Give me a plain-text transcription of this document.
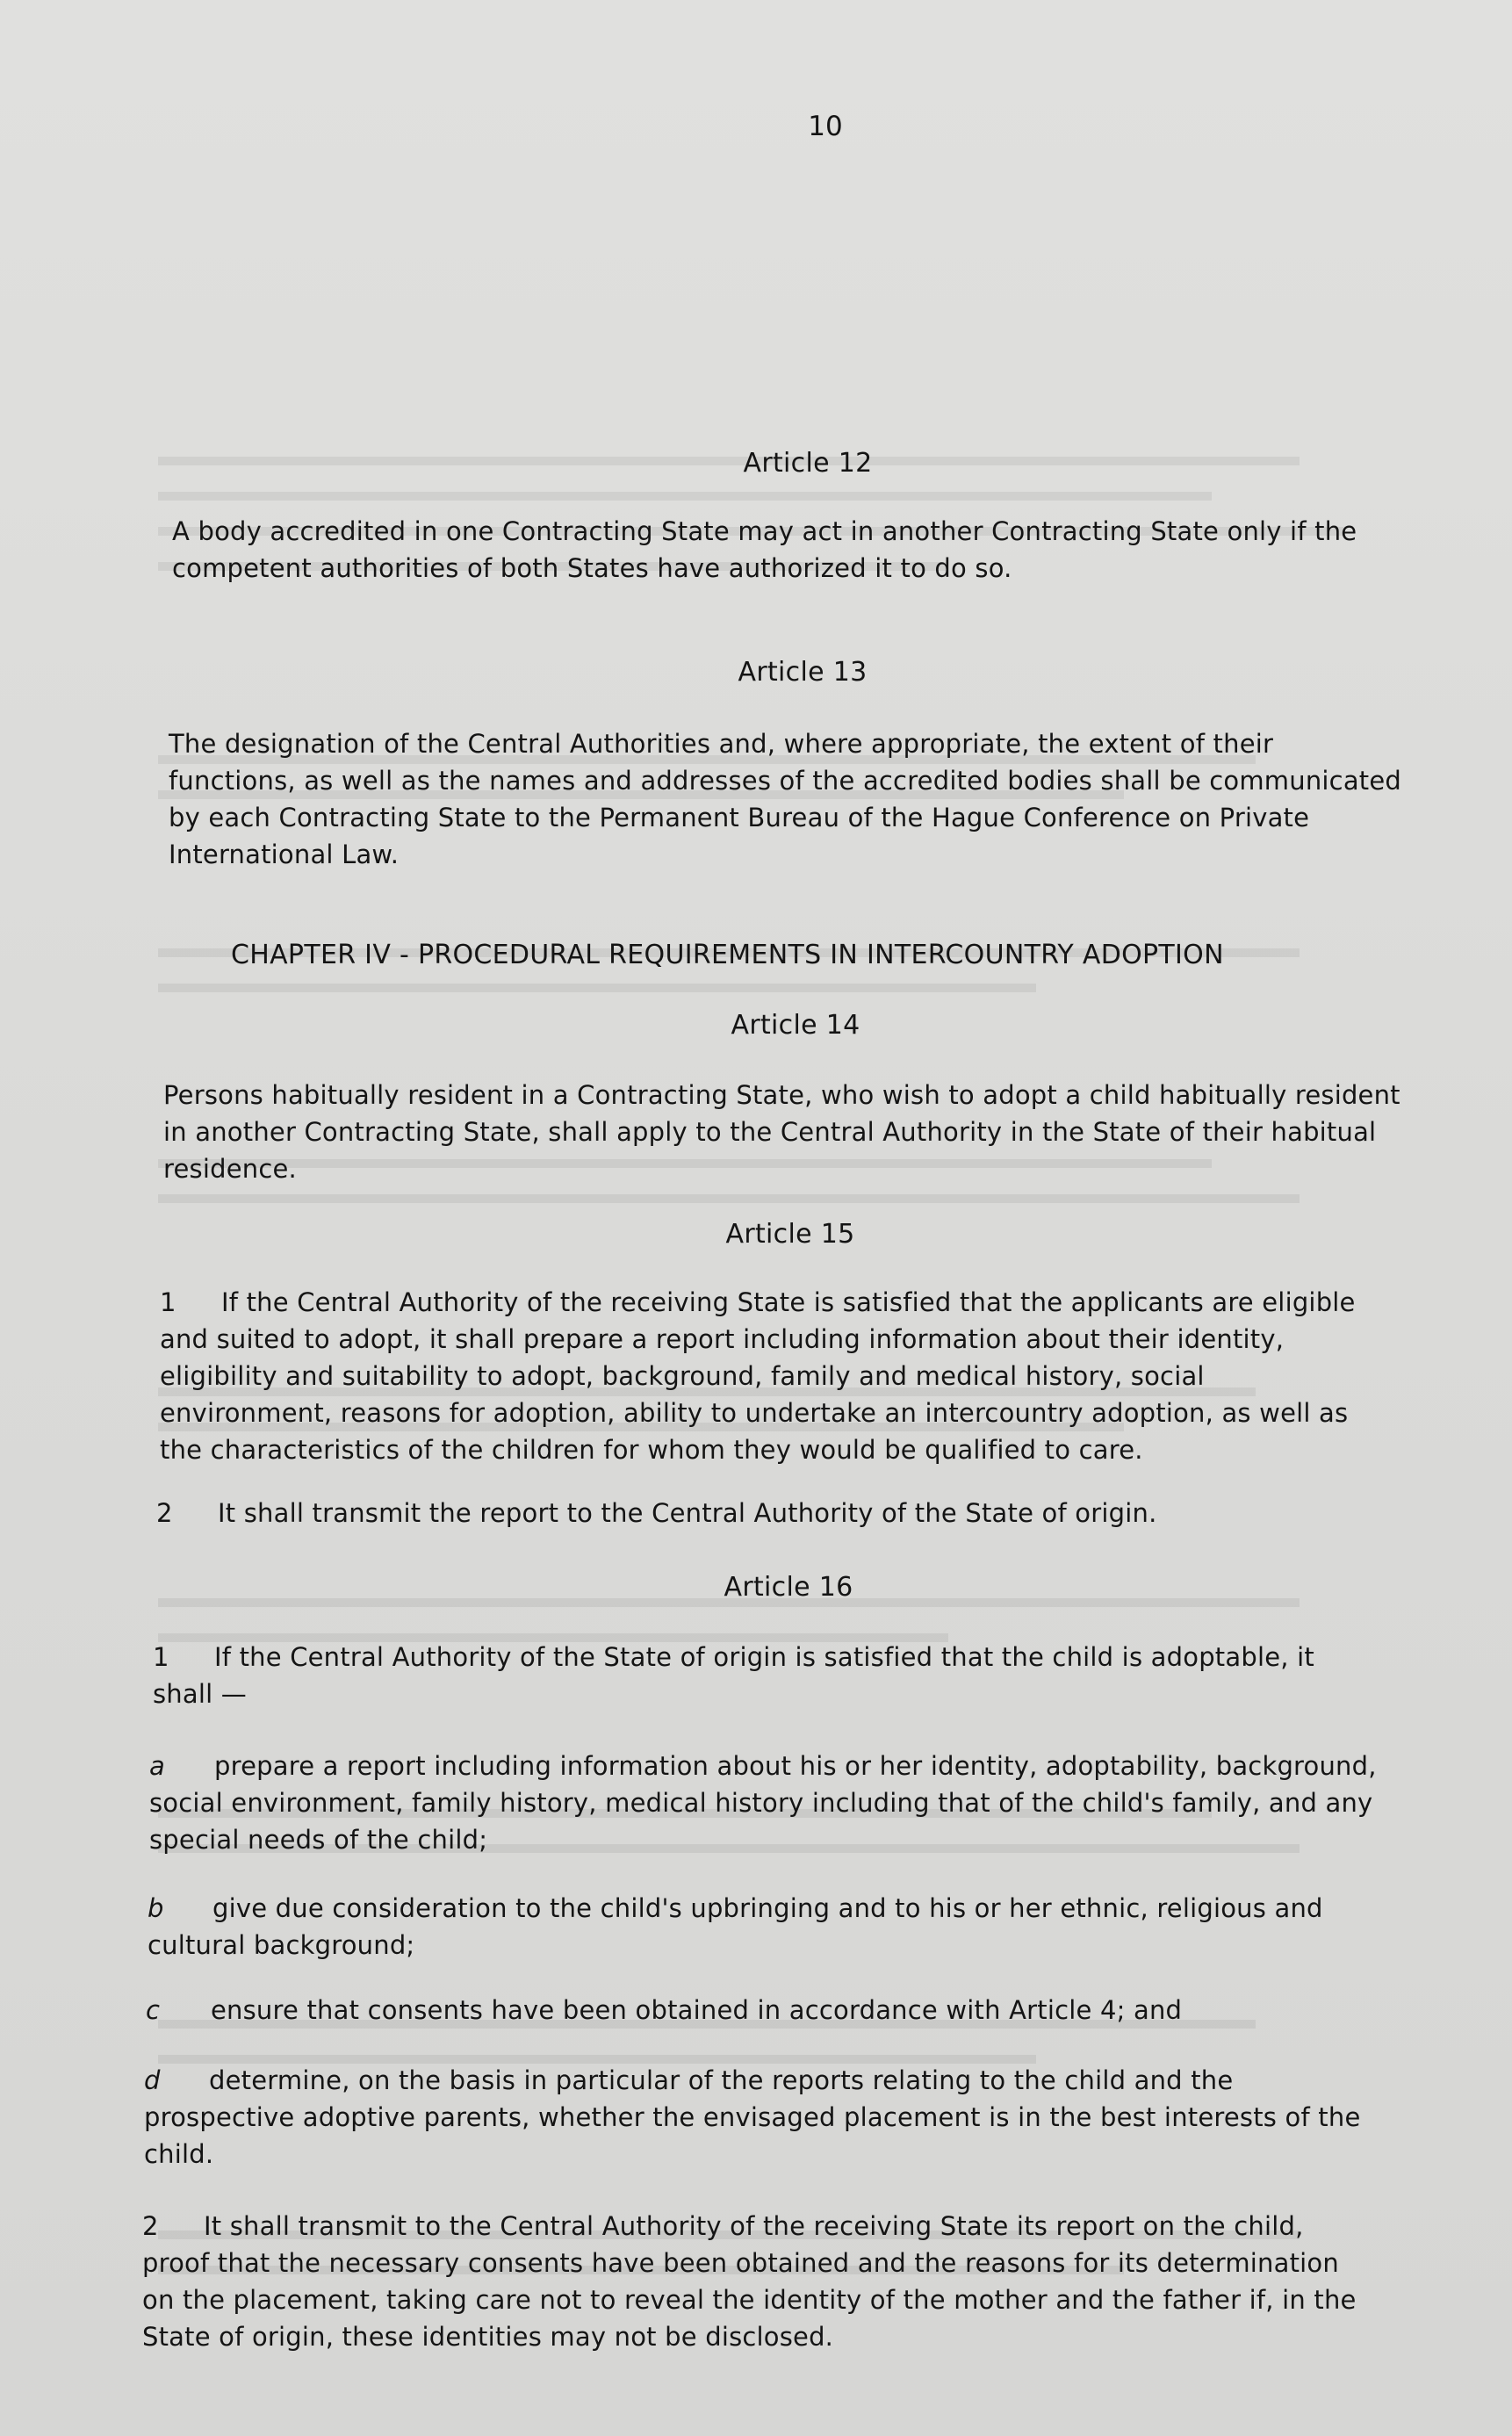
10
Article 12
A body accredited in one Contracting State may act in another Contracting State only if the competent authorities of both States have authorized it to do so.
Article 13
The designation of the Central Authorities and, where appropriate, the extent of their functions, as well as the names and addresses of the accredited bodies shall be communicated by each Contracting State to the Permanent Bureau of the Hague Conference on Private International Law.
CHAPTER IV - PROCEDURAL REQUIREMENTS IN INTERCOUNTRY ADOPTION
Article 14
Persons habitually resident in a Contracting State, who wish to adopt a child habitually resident in another Contracting State, shall apply to the Central Authority in the State of their habitual residence.
Article 15
1 If the Central Authority of the receiving State is satisfied that the applicants are eligible and suited to adopt, it shall prepare a report including information about their identity, eligibility and suitability to adopt, background, family and medical history, social environment, reasons for adoption, ability to undertake an intercountry adoption, as well as the characteristics of the children for whom they would be qualified to care.
2 It shall transmit the report to the Central Authority of the State of origin.
Article 16
1 If the Central Authority of the State of origin is satisfied that the child is adoptable, it shall —
a prepare a report including information about his or her identity, adoptability, background, social environment, family history, medical history including that of the child's family, and any special needs of the child;
b give due consideration to the child's upbringing and to his or her ethnic, religious and cultural background;
c ensure that consents have been obtained in accordance with Article 4; and
d determine, on the basis in particular of the reports relating to the child and the prospective adoptive parents, whether the envisaged placement is in the best interests of the child.
2 It shall transmit to the Central Authority of the receiving State its report on the child, proof that the necessary consents have been obtained and the reasons for its determination on the placement, taking care not to reveal the identity of the mother and the father if, in the State of origin, these identities may not be disclosed.
